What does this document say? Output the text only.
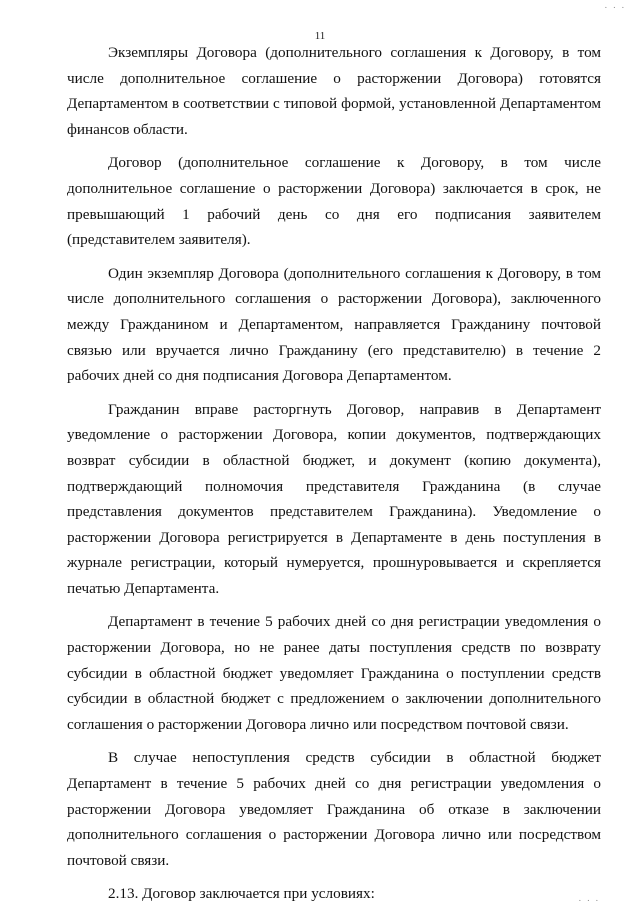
. . .
11

Экземпляры Договора (дополнительного соглашения к Договору, в том числе дополнительное соглашение о расторжении Договора) готовятся Департаментом в соответствии с типовой формой, установленной Департаментом финансов области.

Договор (дополнительное соглашение к Договору, в том числе дополнительное соглашение о расторжении Договора) заключается в срок, не превышающий 1 рабочий день со дня его подписания заявителем (представителем заявителя).

Один экземпляр Договора (дополнительного соглашения к Договору, в том числе дополнительного соглашения о расторжении Договора), заключенного между Гражданином и Департаментом, направляется Гражданину почтовой связью или вручается лично Гражданину (его представителю) в течение 2 рабочих дней со дня подписания Договора Департаментом.

Гражданин вправе расторгнуть Договор, направив в Департамент уведомление о расторжении Договора, копии документов, подтверждающих возврат субсидии в областной бюджет, и документ (копию документа), подтверждающий полномочия представителя Гражданина (в случае представления документов представителем Гражданина). Уведомление о расторжении Договора регистрируется в Департаменте в день поступления в журнале регистрации, который нумеруется, прошнуровывается и скрепляется печатью Департамента.

Департамент в течение 5 рабочих дней со дня регистрации уведомления о расторжении Договора, но не ранее даты поступления средств по возврату субсидии в областной бюджет уведомляет Гражданина о поступлении средств субсидии в областной бюджет с предложением о заключении дополнительного соглашения о расторжении Договора лично или посредством почтовой связи.

В случае непоступления средств субсидии в областной бюджет Департамент в течение 5 рабочих дней со дня регистрации уведомления о расторжении Договора уведомляет Гражданина об отказе в заключении дополнительного соглашения о расторжении Договора лично или посредством почтовой связи.

2.13. Договор заключается при условиях:	. . .
